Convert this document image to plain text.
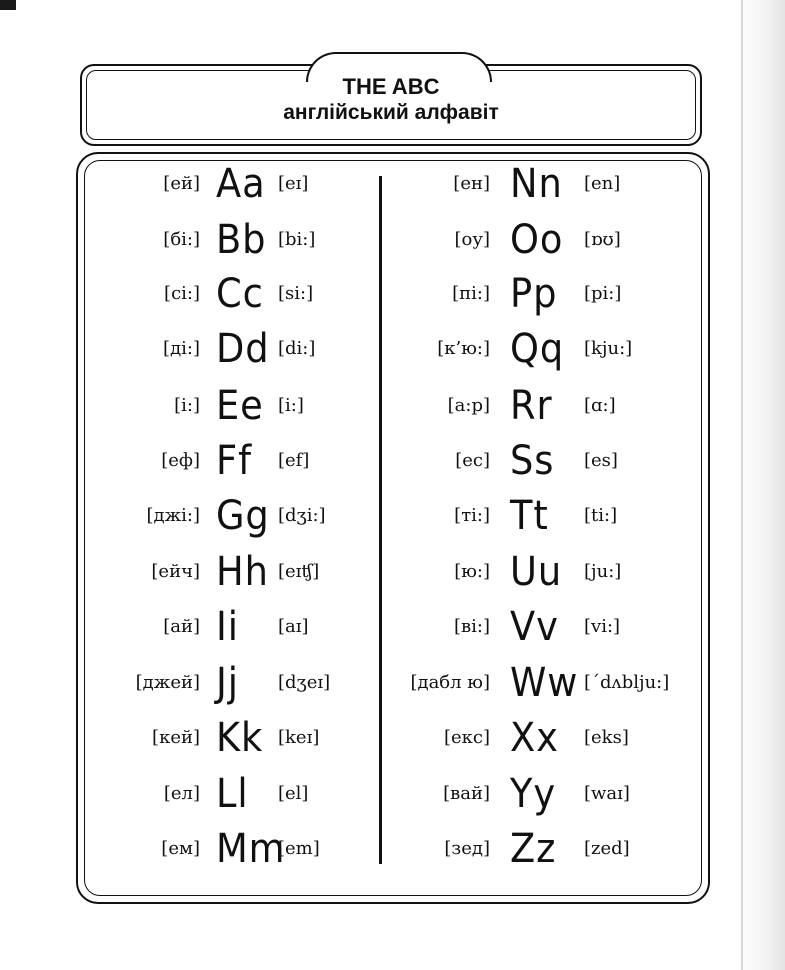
THE ABC
англійський алфавіт
[ей] Aa [eɪ]
[бі:] Bb [bi:]
[сі:] Cc [si:]
[ді:] Dd [di:]
[і:] Ee [i:]
[еф] Ff [ef]
[джі:] Gg [dʒi:]
[ейч] Hh [eɪʧ]
[ай] Ii [aɪ]
[джей] Jj [dʒeɪ]
[кей] Kk [keɪ]
[ел] Ll [el]
[ем] Mm
[em]
[ен] Nn [en]
[оу] Oo [ɒʊ]
[пі:] Pp [pi:]
[к’ю:] Qq [kju:]
[а:р] Rr [ɑ:]
[ес] Ss [es]
[ті:] Tt [ti:]
[ю:] Uu [ju:]
[ві:] Vv [vi:]
[дабл ю] Ww [ˊdʌblju:]
[екс] Xx [eks]
[вай] Yy [waɪ]
[зед] Zz [zed]
